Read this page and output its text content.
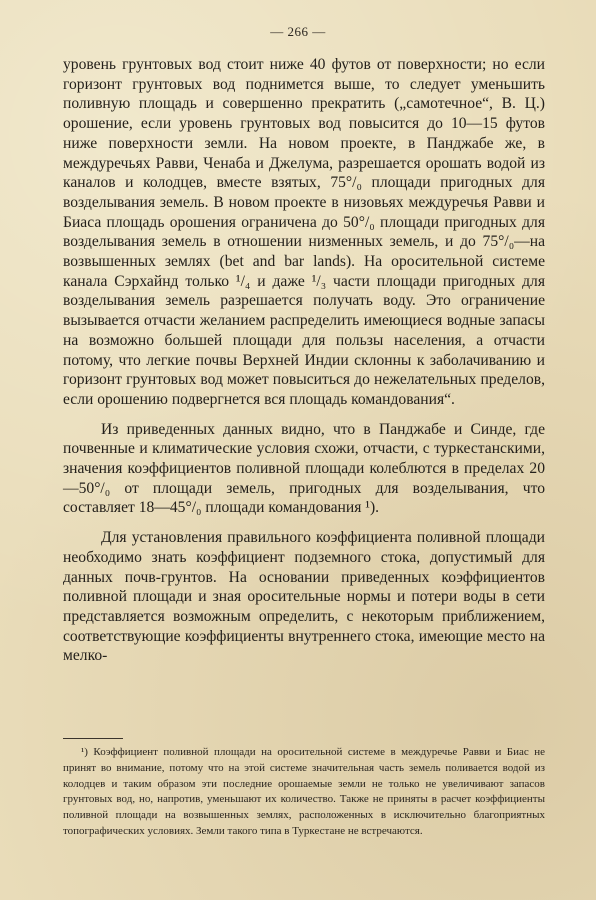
— 266 —

уровень грунтовых вод стоит ниже 40 футов от поверхности; но если горизонт грунтовых вод поднимется выше, то следует уменьшить поливную площадь и совершенно прекратить („самотечное“, В. Ц.) орошение, если уровень грунтовых вод повысится до 10—15 футов ниже поверхности земли. На новом проекте, в Панджабе же, в междуречьях Равви, Ченаба и Джелума, разрешается орошать водой из каналов и колодцев, вместе взятых, 75°/₀ площади пригодных для возделывания земель. В новом проекте в низовьях междуречья Равви и Биаса площадь орошения ограничена до 50°/₀ площади пригодных для возделывания земель в отношении низменных земель, и до 75°/₀—на возвышенных землях (bet and bar lands). На оросительной системе канала Сэрхайнд только ¹/₄ и даже ¹/₃ части площади пригодных для возделывания земель разрешается получать воду. Это ограничение вызывается отчасти желанием распределить имеющиеся водные запасы на возможно большей площади для пользы населения, а отчасти потому, что легкие почвы Верхней Индии склонны к заболачиванию и горизонт грунтовых вод может повыситься до нежелательных пределов, если орошению подвергнется вся площадь командования“.

Из приведенных данных видно, что в Панджабе и Синде, где почвенные и климатические условия схожи, отчасти, с туркестанскими, значения коэффициентов поливной площади колеблются в пределах 20—50°/₀ от площади земель, пригодных для возделывания, что составляет 18—45°/₀ площади командования ¹).

Для установления правильного коэффициента поливной площади необходимо знать коэффициент подземного стока, допустимый для данных почв-грунтов. На основании приведенных коэффициентов поливной площади и зная оросительные нормы и потери воды в сети представляется возможным определить, с некоторым приближением, соответствующие коэффициенты внутреннего стока, имеющие место на мелко-

¹) Коэффициент поливной площади на оросительной системе в междуречье Равви и Биас не принят во внимание, потому что на этой системе значительная часть земель поливается водой из колодцев и таким образом эти последние орошаемые земли не только не увеличивают запасов грунтовых вод, но, напротив, уменьшают их количество. Также не приняты в расчет коэффициенты поливной площади на возвышенных землях, расположенных в исключительно благоприятных топографических условиях. Земли такого типа в Туркестане не встречаются.
